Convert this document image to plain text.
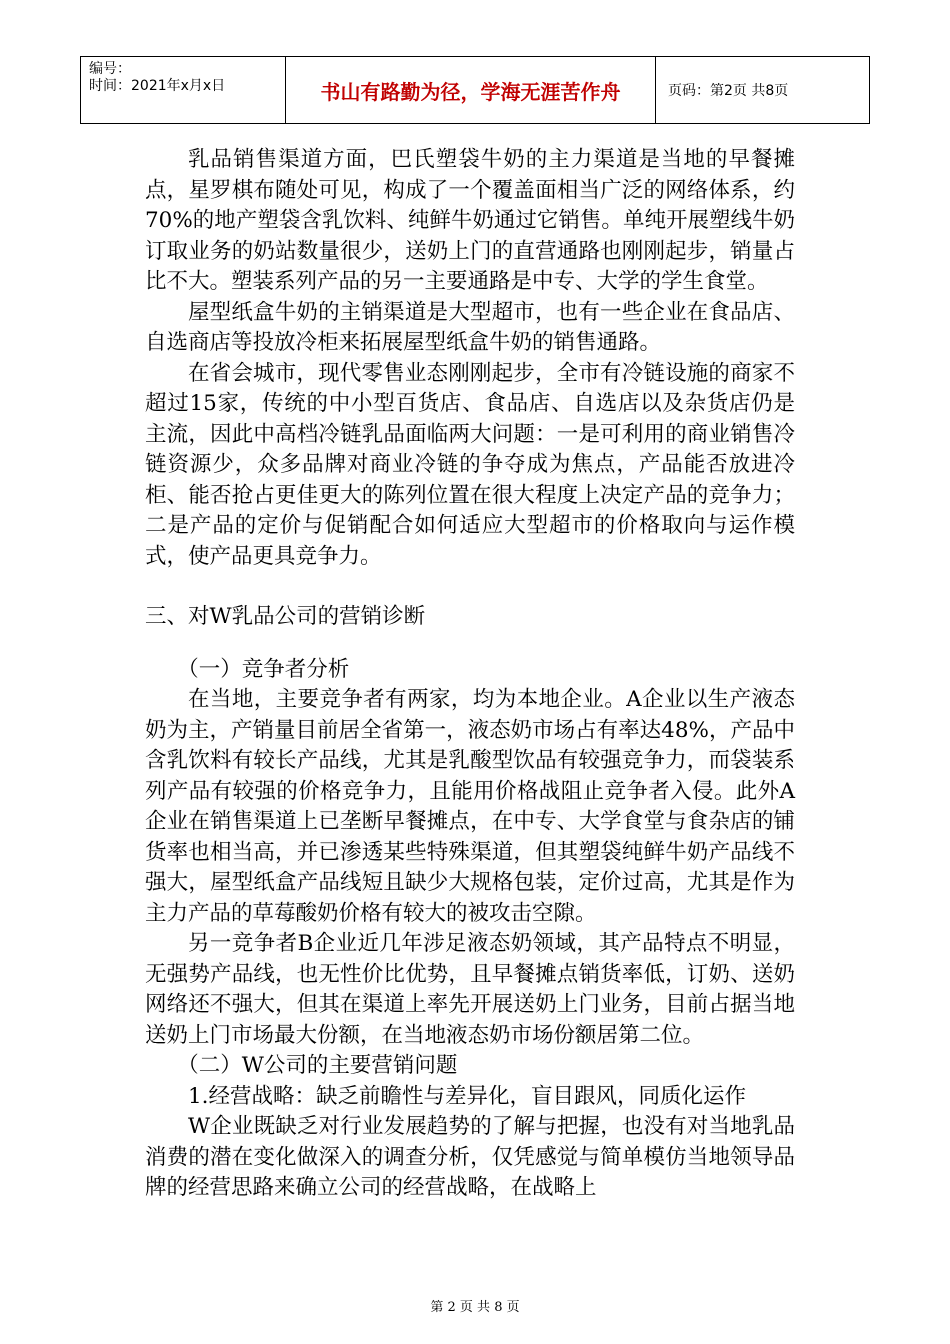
编号：
时间：2021年x月x日	书山有路勤为径，学海无涯苦作舟	页码：第2页 共8页

乳品销售渠道方面，巴氏塑袋牛奶的主力渠道是当地的早餐摊点，星罗棋布随处可见，构成了一个覆盖面相当广泛的网络体系，约70%的地产塑袋含乳饮料、纯鲜牛奶通过它销售。单纯开展塑线牛奶订取业务的奶站数量很少，送奶上门的直营通路也刚刚起步，销量占比不大。塑装系列产品的另一主要通路是中专、大学的学生食堂。

屋型纸盒牛奶的主销渠道是大型超市，也有一些企业在食品店、自选商店等投放冷柜来拓展屋型纸盒牛奶的销售通路。

在省会城市，现代零售业态刚刚起步，全市有冷链设施的商家不超过15家，传统的中小型百货店、食品店、自选店以及杂货店仍是主流，因此中高档冷链乳品面临两大问题：一是可利用的商业销售冷链资源少，众多品牌对商业冷链的争夺成为焦点，产品能否放进冷柜、能否抢占更佳更大的陈列位置在很大程度上决定产品的竞争力；二是产品的定价与促销配合如何适应大型超市的价格取向与运作模式，使产品更具竞争力。

三、对W乳品公司的营销诊断

（一）竞争者分析

在当地，主要竞争者有两家，均为本地企业。A企业以生产液态奶为主，产销量目前居全省第一，液态奶市场占有率达48%，产品中含乳饮料有较长产品线，尤其是乳酸型饮品有较强竞争力，而袋装系列产品有较强的价格竞争力，且能用价格战阻止竞争者入侵。此外A企业在销售渠道上已垄断早餐摊点，在中专、大学食堂与食杂店的铺货率也相当高，并已渗透某些特殊渠道，但其塑袋纯鲜牛奶产品线不强大，屋型纸盒产品线短且缺少大规格包装，定价过高，尤其是作为主力产品的草莓酸奶价格有较大的被攻击空隙。

另一竞争者B企业近几年涉足液态奶领域，其产品特点不明显，无强势产品线，也无性价比优势，且早餐摊点销货率低，订奶、送奶网络还不强大，但其在渠道上率先开展送奶上门业务，目前占据当地送奶上门市场最大份额，在当地液态奶市场份额居第二位。

（二）W公司的主要营销问题

1.经营战略：缺乏前瞻性与差异化，盲目跟风，同质化运作

W企业既缺乏对行业发展趋势的了解与把握，也没有对当地乳品消费的潜在变化做深入的调查分析，仅凭感觉与简单模仿当地领导品牌的经营思路来确立公司的经营战略，在战略上

第 2 页 共 8 页
